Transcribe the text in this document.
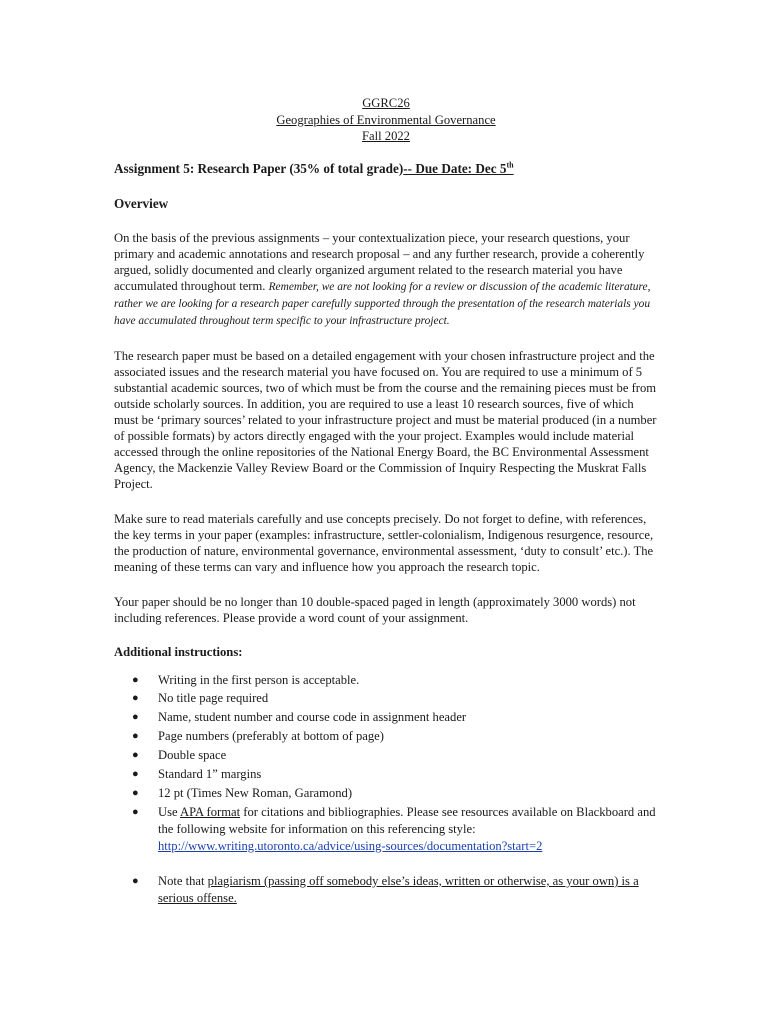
GGRC26
Geographies of Environmental Governance
Fall 2022
Assignment 5: Research Paper (35% of total grade)-- Due Date: Dec 5th
Overview

On the basis of the previous assignments – your contextualization piece, your research questions, your primary and academic annotations and research proposal – and any further research, provide a coherently argued, solidly documented and clearly organized argument related to the research material you have accumulated throughout term. Remember, we are not looking for a review or discussion of the academic literature, rather we are looking for a research paper carefully supported through the presentation of the research materials you have accumulated throughout term specific to your infrastructure project.

The research paper must be based on a detailed engagement with your chosen infrastructure project and the associated issues and the research material you have focused on. You are required to use a minimum of 5 substantial academic sources, two of which must be from the course and the remaining pieces must be from outside scholarly sources. In addition, you are required to use a least 10 research sources, five of which must be ‘primary sources’ related to your infrastructure project and must be material produced (in a number of possible formats) by actors directly engaged with the your project. Examples would include material accessed through the online repositories of the National Energy Board, the BC Environmental Assessment Agency, the Mackenzie Valley Review Board or the Commission of Inquiry Respecting the Muskrat Falls Project.

Make sure to read materials carefully and use concepts precisely. Do not forget to define, with references, the key terms in your paper (examples: infrastructure, settler-colonialism, Indigenous resurgence, resource, the production of nature, environmental governance, environmental assessment, ‘duty to consult’ etc.). The meaning of these terms can vary and influence how you approach the research topic.

Your paper should be no longer than 10 double-spaced paged in length (approximately 3000 words) not including references. Please provide a word count of your assignment.

Additional instructions:
● Writing in the first person is acceptable.
● No title page required
● Name, student number and course code in assignment header
● Page numbers (preferably at bottom of page)
● Double space
● Standard 1” margins
● 12 pt (Times New Roman, Garamond)
● Use APA format for citations and bibliographies. Please see resources available on Blackboard and the following website for information on this referencing style:
http://www.writing.utoronto.ca/advice/using-sources/documentation?start=2
● Note that plagiarism (passing off somebody else’s ideas, written or otherwise, as your own) is a serious offense.
